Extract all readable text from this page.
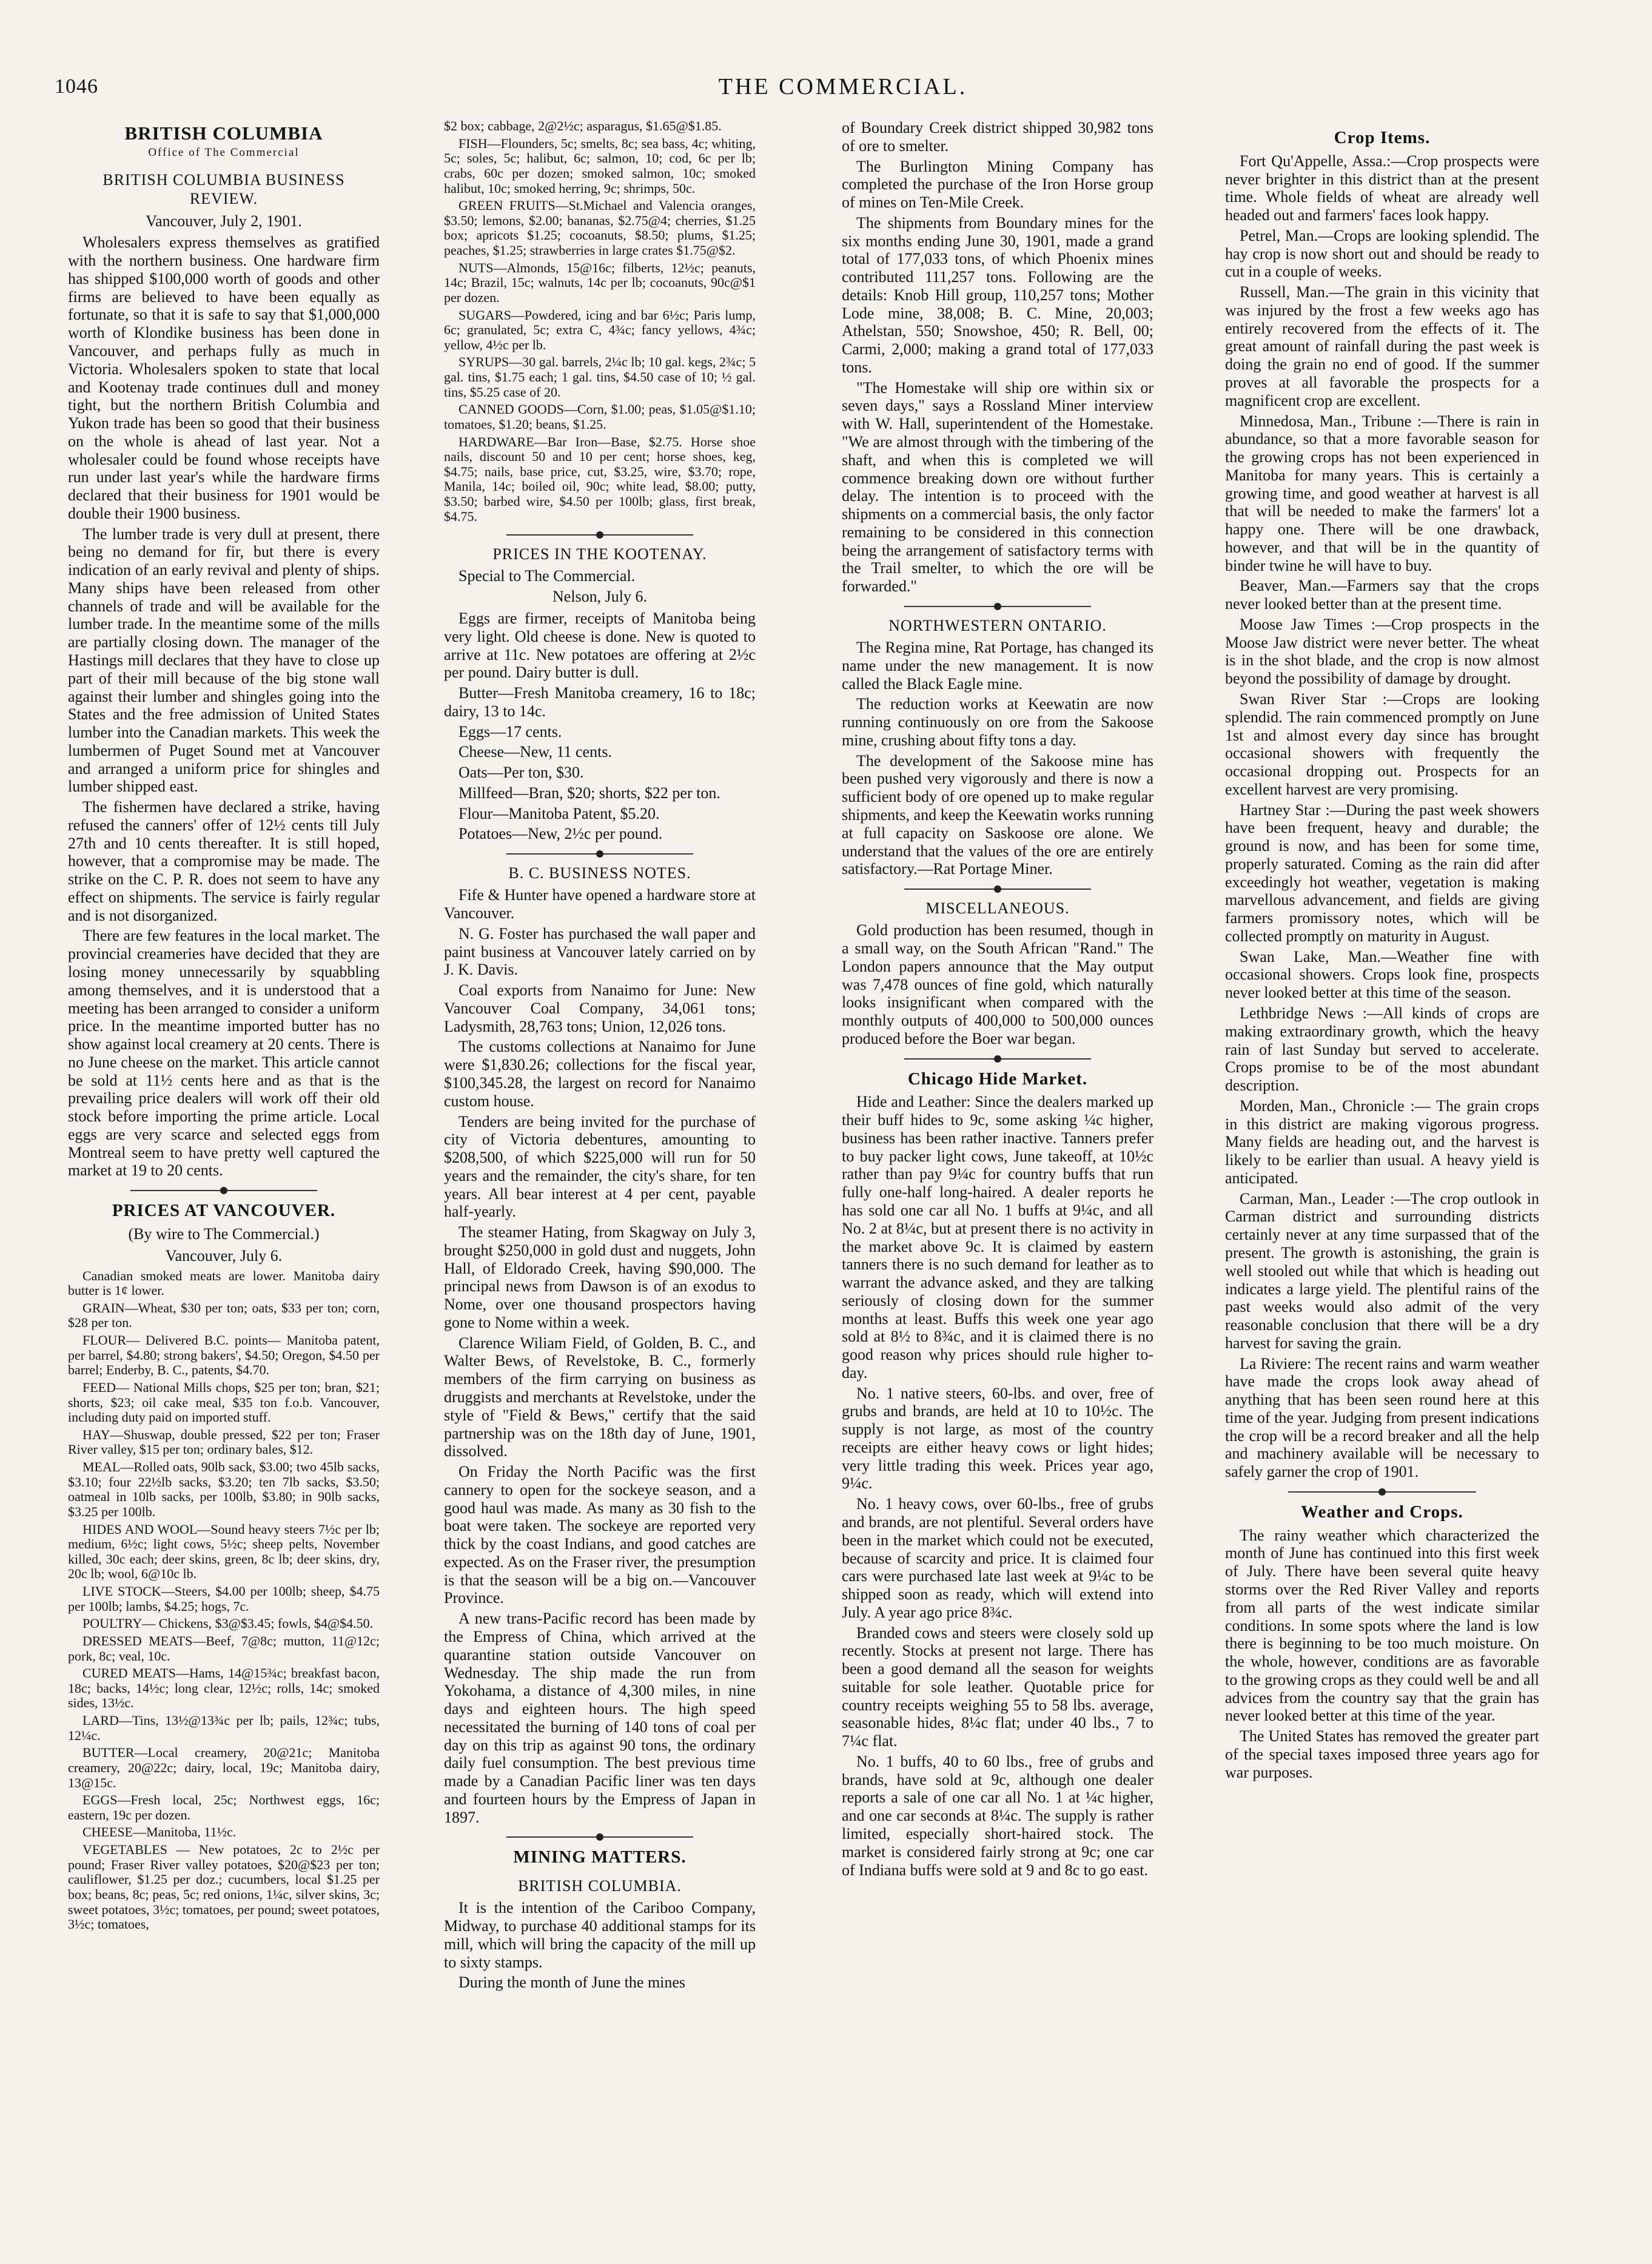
1046	THE COMMERCIAL.
BRITISH COLUMBIA
Office of The Commercial
BRITISH COLUMBIA BUSINESS REVIEW.
Vancouver, July 2, 1901.

Wholesalers express themselves as gratified with the northern business. One hardware firm has shipped $100,000 worth of goods and other firms are believed to have been equally as fortunate, so that it is safe to say that $1,000,000 worth of Klondike business has been done in Vancouver, and perhaps fully as much in Victoria. Wholesalers spoken to state that local and Kootenay trade continues dull and money tight, but the northern British Columbia and Yukon trade has been so good that their business on the whole is ahead of last year. Not a wholesaler could be found whose receipts have run under last year's while the hardware firms declared that their business for 1901 would be double their 1900 business.

The lumber trade is very dull at present, there being no demand for fir, but there is every indication of an early revival and plenty of ships. Many ships have been released from other channels of trade and will be available for the lumber trade. In the meantime some of the mills are partially closing down. The manager of the Hastings mill declares that they have to close up part of their mill because of the big stone wall against their lumber and shingles going into the States and the free admission of United States lumber into the Canadian markets. This week the lumbermen of Puget Sound met at Vancouver and arranged a uniform price for shingles and lumber shipped east.

The fishermen have declared a strike, having refused the canners' offer of 12½ cents till July 27th and 10 cents thereafter. It is still hoped, however, that a compromise may be made. The strike on the C. P. R. does not seem to have any effect on shipments. The service is fairly regular and is not disorganized.

There are few features in the local market. The provincial creameries have decided that they are losing money unnecessarily by squabbling among themselves, and it is understood that a meeting has been arranged to consider a uniform price. In the meantime imported butter has no show against local creamery at 20 cents. There is no June cheese on the market. This article cannot be sold at 11½ cents here and as that is the prevailing price dealers will work off their old stock before importing the prime article. Local eggs are very scarce and selected eggs from Montreal seem to have pretty well captured the market at 19 to 20 cents.

PRICES AT VANCOUVER.
(By wire to The Commercial.)
Vancouver, July 6.

Canadian smoked meats are lower. Manitoba dairy butter is 1¢ lower.

GRAIN—Wheat, $30 per ton; oats, $33 per ton; corn, $28 per ton.

FLOUR— Delivered B.C. points— Manitoba patent, per barrel, $4.80; strong bakers', $4.50; Oregon, $4.50 per barrel; Enderby, B. C., patents, $4.70.

FEED— National Mills chops, $25 per ton; bran, $21; shorts, $23; oil cake meal, $35 ton f.o.b. Vancouver, including duty paid on imported stuff.

HAY—Shuswap, double pressed, $22 per ton; Fraser River valley, $15 per ton; ordinary bales, $12.

MEAL—Rolled oats, 90lb sack, $3.00; two 45lb sacks, $3.10; four 22½lb sacks, $3.20; ten 7lb sacks, $3.50; oatmeal in 10lb sacks, per 100lb, $3.80; in 90lb sacks, $3.25 per 100lb.

HIDES AND WOOL—Sound heavy steers 7½c per lb; medium, 6½c; light cows, 5½c; sheep pelts, November killed, 30c each; deer skins, green, 8c lb; deer skins, dry, 20c lb; wool, 6@10c lb.

LIVE STOCK—Steers, $4.00 per 100lb; sheep, $4.75 per 100lb; lambs, $4.25; hogs, 7c.

POULTRY— Chickens, $3@$3.45; fowls, $4@$4.50.

DRESSED MEATS—Beef, 7@8c; mutton, 11@12c; pork, 8c; veal, 10c.

CURED MEATS—Hams, 14@15¾c; breakfast bacon, 18c; backs, 14½c; long clear, 12½c; rolls, 14c; smoked sides, 13½c.

LARD—Tins, 13½@13¾c per lb; pails, 12¾c; tubs, 12¼c.

BUTTER—Local creamery, 20@21c; Manitoba creamery, 20@22c; dairy, local, 19c; Manitoba dairy, 13@15c.

EGGS—Fresh local, 25c; Northwest eggs, 16c; eastern, 19c per dozen.

CHEESE—Manitoba, 11½c.

VEGETABLES — New potatoes, 2c to 2½c per pound; Fraser River valley potatoes, $20@$23 per ton; cauliflower, $1.25 per doz.; cucumbers, local $1.25 per box; beans, 8c; peas, 5c; red onions, 1¼c, silver skins, 3c; sweet potatoes, 3½c; tomatoes, per pound; sweet potatoes, 3½c; tomatoes,

$2 box; cabbage, 2@2½c; asparagus, $1.65@$1.85.

FISH—Flounders, 5c; smelts, 8c; sea bass, 4c; whiting, 5c; soles, 5c; halibut, 6c; salmon, 10; cod, 6c per lb; crabs, 60c per dozen; smoked salmon, 10c; smoked halibut, 10c; smoked herring, 9c; shrimps, 50c.

GREEN FRUITS—St.Michael and Valencia oranges, $3.50; lemons, $2.00; bananas, $2.75@4; cherries, $1.25 box; apricots $1.25; cocoanuts, $8.50; plums, $1.25; peaches, $1.25; strawberries in large crates $1.75@$2.

NUTS—Almonds, 15@16c; filberts, 12½c; peanuts, 14c; Brazil, 15c; walnuts, 14c per lb; cocoanuts, 90c@$1 per dozen.

SUGARS—Powdered, icing and bar 6½c; Paris lump, 6c; granulated, 5c; extra C, 4¾c; fancy yellows, 4¾c; yellow, 4½c per lb.

SYRUPS—30 gal. barrels, 2¼c lb; 10 gal. kegs, 2¾c; 5 gal. tins, $1.75 each; 1 gal. tins, $4.50 case of 10; ½ gal. tins, $5.25 case of 20.

CANNED GOODS—Corn, $1.00; peas, $1.05@$1.10; tomatoes, $1.20; beans, $1.25.

HARDWARE—Bar Iron—Base, $2.75. Horse shoe nails, discount 50 and 10 per cent; horse shoes, keg, $4.75; nails, base price, cut, $3.25, wire, $3.70; rope, Manila, 14c; boiled oil, 90c; white lead, $8.00; putty, $3.50; barbed wire, $4.50 per 100lb; glass, first break, $4.75.

PRICES IN THE KOOTENAY.

Special to The Commercial.

Nelson, July 6.

Eggs are firmer, receipts of Manitoba being very light. Old cheese is done. New is quoted to arrive at 11c. New potatoes are offering at 2½c per pound. Dairy butter is dull.

Butter—Fresh Manitoba creamery, 16 to 18c; dairy, 13 to 14c.

Eggs—17 cents.

Cheese—New, 11 cents.

Oats—Per ton, $30.

Millfeed—Bran, $20; shorts, $22 per ton.

Flour—Manitoba Patent, $5.20.

Potatoes—New, 2½c per pound.

B. C. BUSINESS NOTES.

Fife & Hunter have opened a hardware store at Vancouver.

N. G. Foster has purchased the wall paper and paint business at Vancouver lately carried on by J. K. Davis.

Coal exports from Nanaimo for June: New Vancouver Coal Company, 34,061 tons; Ladysmith, 28,763 tons; Union, 12,026 tons.

The customs collections at Nanaimo for June were $1,830.26; collections for the fiscal year, $100,345.28, the largest on record for Nanaimo custom house.

Tenders are being invited for the purchase of city of Victoria debentures, amounting to $208,500, of which $225,000 will run for 50 years and the remainder, the city's share, for ten years. All bear interest at 4 per cent, payable half-yearly.

The steamer Hating, from Skagway on July 3, brought $250,000 in gold dust and nuggets, John Hall, of Eldorado Creek, having $90,000. The principal news from Dawson is of an exodus to Nome, over one thousand prospectors having gone to Nome within a week.

Clarence Wiliam Field, of Golden, B. C., and Walter Bews, of Revelstoke, B. C., formerly members of the firm carrying on business as druggists and merchants at Revelstoke, under the style of "Field & Bews," certify that the said partnership was on the 18th day of June, 1901, dissolved.

On Friday the North Pacific was the first cannery to open for the sockeye season, and a good haul was made. As many as 30 fish to the boat were taken. The sockeye are reported very thick by the coast Indians, and good catches are expected. As on the Fraser river, the presumption is that the season will be a big on.—Vancouver Province.

A new trans-Pacific record has been made by the Empress of China, which arrived at the quarantine station outside Vancouver on Wednesday. The ship made the run from Yokohama, a distance of 4,300 miles, in nine days and eighteen hours. The high speed necessitated the burning of 140 tons of coal per day on this trip as against 90 tons, the ordinary daily fuel consumption. The best previous time made by a Canadian Pacific liner was ten days and fourteen hours by the Empress of Japan in 1897.

MINING MATTERS.
BRITISH COLUMBIA.

It is the intention of the Cariboo Company, Midway, to purchase 40 additional stamps for its mill, which will bring the capacity of the mill up to sixty stamps.

During the month of June the mines

of Boundary Creek district shipped 30,982 tons of ore to smelter.

The Burlington Mining Company has completed the purchase of the Iron Horse group of mines on Ten-Mile Creek.

The shipments from Boundary mines for the six months ending June 30, 1901, made a grand total of 177,033 tons, of which Phoenix mines contributed 111,257 tons. Following are the details: Knob Hill group, 110,257 tons; Mother Lode mine, 38,008; B. C. Mine, 20,003; Athelstan, 550; Snowshoe, 450; R. Bell, 00; Carmi, 2,000; making a grand total of 177,033 tons.

"The Homestake will ship ore within six or seven days," says a Rossland Miner interview with W. Hall, superintendent of the Homestake. "We are almost through with the timbering of the shaft, and when this is completed we will commence breaking down ore without further delay. The intention is to proceed with the shipments on a commercial basis, the only factor remaining to be considered in this connection being the arrangement of satisfactory terms with the Trail smelter, to which the ore will be forwarded."

NORTHWESTERN ONTARIO.

The Regina mine, Rat Portage, has changed its name under the new management. It is now called the Black Eagle mine.

The reduction works at Keewatin are now running continuously on ore from the Sakoose mine, crushing about fifty tons a day.

The development of the Sakoose mine has been pushed very vigorously and there is now a sufficient body of ore opened up to make regular shipments, and keep the Keewatin works running at full capacity on Saskoose ore alone. We understand that the values of the ore are entirely satisfactory.—Rat Portage Miner.

MISCELLANEOUS.

Gold production has been resumed, though in a small way, on the South African "Rand." The London papers announce that the May output was 7,478 ounces of fine gold, which naturally looks insignificant when compared with the monthly outputs of 400,000 to 500,000 ounces produced before the Boer war began.

Chicago Hide Market.

Hide and Leather: Since the dealers marked up their buff hides to 9c, some asking ¼c higher, business has been rather inactive. Tanners prefer to buy packer light cows, June takeoff, at 10½c rather than pay 9¼c for country buffs that run fully one-half long-haired. A dealer reports he has sold one car all No. 1 buffs at 9¼c, and all No. 2 at 8¼c, but at present there is no activity in the market above 9c. It is claimed by eastern tanners there is no such demand for leather as to warrant the advance asked, and they are talking seriously of closing down for the summer months at least. Buffs this week one year ago sold at 8½ to 8¾c, and it is claimed there is no good reason why prices should rule higher to-day.

No. 1 native steers, 60-lbs. and over, free of grubs and brands, are held at 10 to 10½c. The supply is not large, as most of the country receipts are either heavy cows or light hides; very little trading this week. Prices year ago, 9¼c.

No. 1 heavy cows, over 60-lbs., free of grubs and brands, are not plentiful. Several orders have been in the market which could not be executed, because of scarcity and price. It is claimed four cars were purchased late last week at 9¼c to be shipped soon as ready, which will extend into July. A year ago price 8¾c.

Branded cows and steers were closely sold up recently. Stocks at present not large. There has been a good demand all the season for weights suitable for sole leather. Quotable price for country receipts weighing 55 to 58 lbs. average, seasonable hides, 8¼c flat; under 40 lbs., 7 to 7¼c flat.

No. 1 buffs, 40 to 60 lbs., free of grubs and brands, have sold at 9c, although one dealer reports a sale of one car all No. 1 at ¼c higher, and one car seconds at 8¼c. The supply is rather limited, especially short-haired stock. The market is considered fairly strong at 9c; one car of Indiana buffs were sold at 9 and 8c to go east.

Crop Items.

Fort Qu'Appelle, Assa.:—Crop prospects were never brighter in this district than at the present time. Whole fields of wheat are already well headed out and farmers' faces look happy.

Petrel, Man.—Crops are looking splendid. The hay crop is now short out and should be ready to cut in a couple of weeks.

Russell, Man.—The grain in this vicinity that was injured by the frost a few weeks ago has entirely recovered from the effects of it. The great amount of rainfall during the past week is doing the grain no end of good. If the summer proves at all favorable the prospects for a magnificent crop are excellent.

Minnedosa, Man., Tribune :—There is rain in abundance, so that a more favorable season for the growing crops has not been experienced in Manitoba for many years. This is certainly a growing time, and good weather at harvest is all that will be needed to make the farmers' lot a happy one. There will be one drawback, however, and that will be in the quantity of binder twine he will have to buy.

Beaver, Man.—Farmers say that the crops never looked better than at the present time.

Moose Jaw Times :—Crop prospects in the Moose Jaw district were never better. The wheat is in the shot blade, and the crop is now almost beyond the possibility of damage by drought.

Swan River Star :—Crops are looking splendid. The rain commenced promptly on June 1st and almost every day since has brought occasional showers with frequently the occasional dropping out. Prospects for an excellent harvest are very promising.

Hartney Star :—During the past week showers have been frequent, heavy and durable; the ground is now, and has been for some time, properly saturated. Coming as the rain did after exceedingly hot weather, vegetation is making marvellous advancement, and fields are giving farmers promissory notes, which will be collected promptly on maturity in August.

Swan Lake, Man.—Weather fine with occasional showers. Crops look fine, prospects never looked better at this time of the season.

Lethbridge News :—All kinds of crops are making extraordinary growth, which the heavy rain of last Sunday but served to accelerate. Crops promise to be of the most abundant description.

Morden, Man., Chronicle :— The grain crops in this district are making vigorous progress. Many fields are heading out, and the harvest is likely to be earlier than usual. A heavy yield is anticipated.

Carman, Man., Leader :—The crop outlook in Carman district and surrounding districts certainly never at any time surpassed that of the present. The growth is astonishing, the grain is well stooled out while that which is heading out indicates a large yield. The plentiful rains of the past weeks would also admit of the very reasonable conclusion that there will be a dry harvest for saving the grain.

La Riviere: The recent rains and warm weather have made the crops look away ahead of anything that has been seen round here at this time of the year. Judging from present indications the crop will be a record breaker and all the help and machinery available will be necessary to safely garner the crop of 1901.

Weather and Crops.

The rainy weather which characterized the month of June has continued into this first week of July. There have been several quite heavy storms over the Red River Valley and reports from all parts of the west indicate similar conditions. In some spots where the land is low there is beginning to be too much moisture. On the whole, however, conditions are as favorable to the growing crops as they could well be and all advices from the country say that the grain has never looked better at this time of the year.

The United States has removed the greater part of the special taxes imposed three years ago for war purposes.
